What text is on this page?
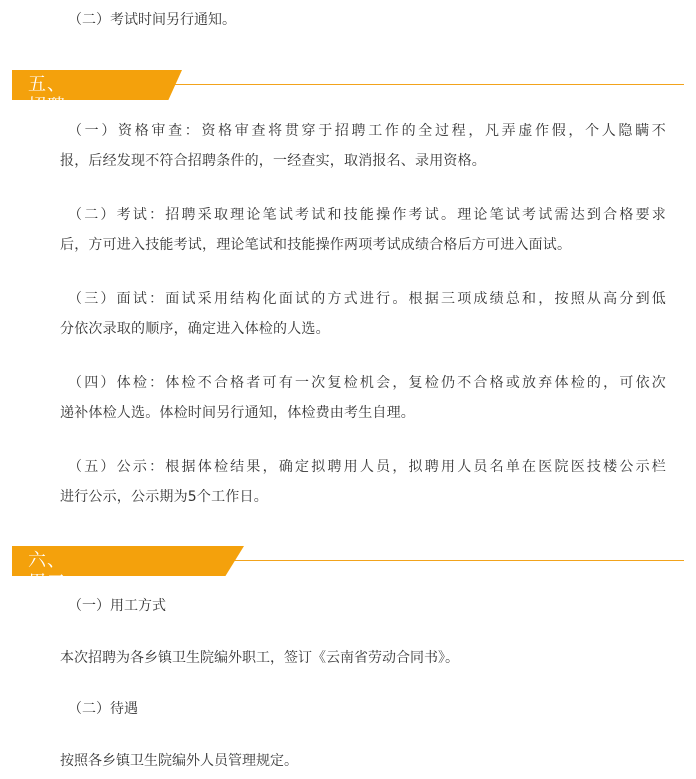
（二）考试时间另行通知。
五、招聘程序 （一）资格审查：资格审查将贯穿于招聘工作的全过程，凡弄虚作假，个人隐瞒不
报，后经发现不符合招聘条件的，一经查实，取消报名、录用资格。
（二）考试：招聘采取理论笔试考试和技能操作考试。理论笔试考试需达到合格要求
后，方可进入技能考试，理论笔试和技能操作两项考试成绩合格后方可进入面试。
（三）面试：面试采用结构化面试的方式进行。根据三项成绩总和，按照从高分到低
分依次录取的顺序，确定进入体检的人选。
（四）体检：体检不合格者可有一次复检机会，复检仍不合格或放弃体检的，可依次
递补体检人选。体检时间另行通知，体检费由考生自理。
（五）公示：根据体检结果，确定拟聘用人员，拟聘用人员名单在医院医技楼公示栏
进行公示，公示期为5个工作日。
六、用工方式及待遇
（一）用工方式
本次招聘为各乡镇卫生院编外职工，签订《云南省劳动合同书》。
（二）待遇
按照各乡镇卫生院编外人员管理规定。
